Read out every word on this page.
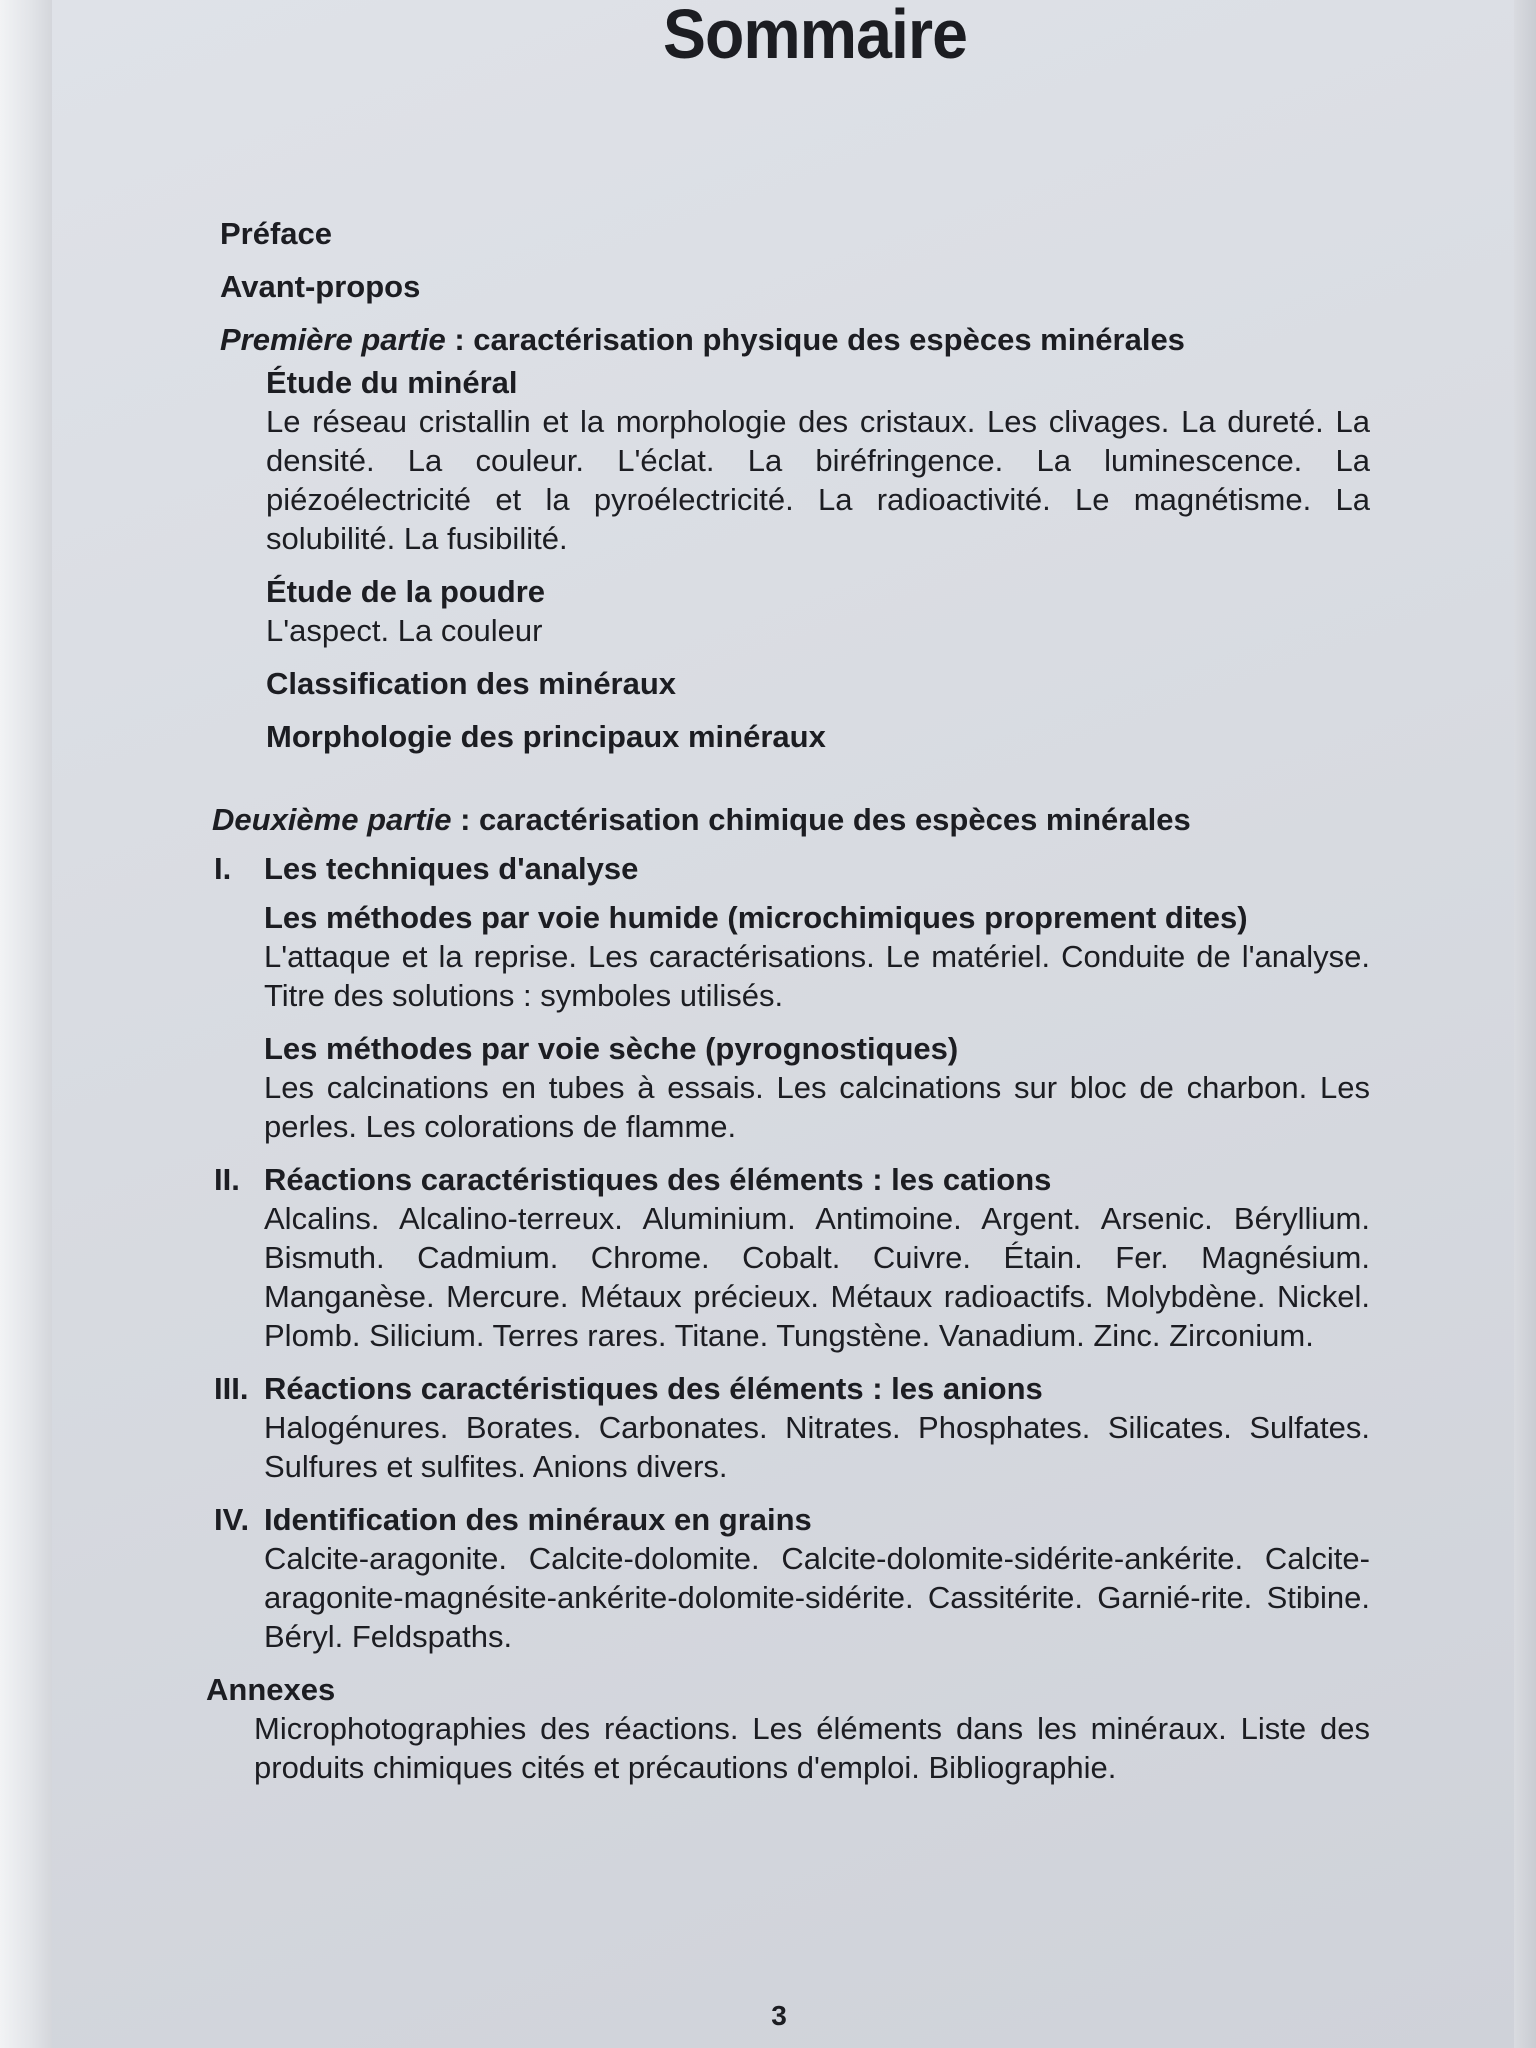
Sommaire
Préface
Avant-propos
Première partie : caractérisation physique des espèces minérales

Étude du minéral

Le réseau cristallin et la morphologie des cristaux. Les clivages. La dureté. La densité. La couleur. L'éclat. La biréfringence. La luminescence. La piézoélectricité et la pyroélectricité. La radioactivité. Le magnétisme. La solubilité. La fusibilité.

Étude de la poudre

L'aspect. La couleur

Classification des minéraux

Morphologie des principaux minéraux

Deuxième partie : caractérisation chimique des espèces minérales
I.	Les techniques d'analyse

Les méthodes par voie humide (microchimiques proprement dites)

L'attaque et la reprise. Les caractérisations. Le matériel. Conduite de l'analyse. Titre des solutions : symboles utilisés.

Les méthodes par voie sèche (pyrognostiques)

Les calcinations en tubes à essais. Les calcinations sur bloc de charbon. Les perles. Les colorations de flamme.

II. Réactions caractéristiques des éléments : les cations
Alcalins. Alcalino-terreux. Aluminium. Antimoine. Argent. Arsenic. Béryllium. Bismuth. Cadmium. Chrome. Cobalt. Cuivre. Étain. Fer. Magnésium. Manganèse. Mercure. Métaux précieux. Métaux radioactifs. Molybdène. Nickel. Plomb. Silicium. Terres rares. Titane. Tungstène. Vanadium. Zinc. Zirconium.
III. Réactions caractéristiques des éléments : les anions
Halogénures. Borates. Carbonates. Nitrates. Phosphates. Silicates. Sulfates. Sulfures et sulfites. Anions divers.
IV. Identification des minéraux en grains
Calcite-aragonite. Calcite-dolomite. Calcite-dolomite-sidérite-ankérite. Calcite-aragonite-magnésite-ankérite-dolomite-sidérite. Cassitérite. Garnié-rite. Stibine. Béryl. Feldspaths.

Annexes

Microphotographies des réactions. Les éléments dans les minéraux. Liste des produits chimiques cités et précautions d'emploi. Bibliographie.
3
